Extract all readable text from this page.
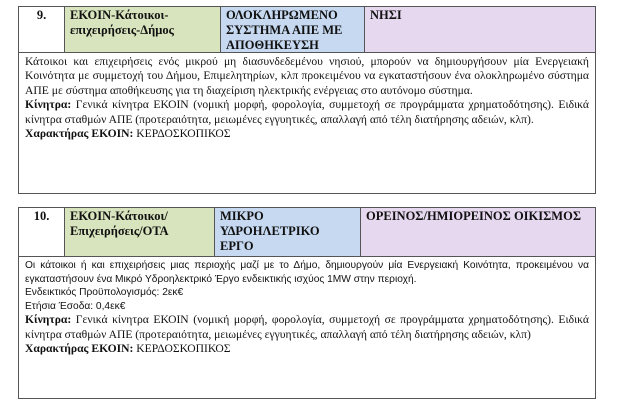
9.	ΕΚΟΙΝ-Κάτοικοι-επιχειρήσεις-Δήμος
ΟΛΟΚΛΗΡΩΜΕΝΟ ΣΥΣΤΗΜΑ ΑΠΕ ΜΕ ΑΠΟΘΗΚΕΥΣΗ
ΝΗΣΙ

Κάτοικοι και επιχειρήσεις ενός μικρού μη διασυνδεδεμένου νησιού, μπορούν να δημιουργήσουν μία Ενεργειακή Κοινότητα με συμμετοχή του Δήμου, Επιμελητηρίων, κλπ προκειμένου να εγκαταστήσουν ένα ολοκληρωμένο σύστημα ΑΠΕ με σύστημα αποθήκευσης για τη διαχείριση ηλεκτρικής ενέργειας στο αυτόνομο σύστημα.

Κίνητρα: Γενικά κίνητρα ΕΚΟΙΝ (νομική μορφή, φορολογία, συμμετοχή σε προγράμματα χρηματοδότησης). Ειδικά κίνητρα σταθμών ΑΠΕ (προτεραιότητα, μειωμένες εγγυητικές, απαλλαγή από τέλη διατήρησης αδειών, κλπ).

Χαρακτήρας ΕΚΟΙΝ: ΚΕΡΔΟΣΚΟΠΙΚΟΣ

10.	ΕΚΟΙΝ-Κάτοικοι/Επιχειρήσεις/ΟΤΑ
ΜΙΚΡΟ ΥΔΡΟΗΛΕΤΡΙΚΟ ΕΡΓΟ
ΟΡΕΙΝΟΣ/ΗΜΙΟΡΕΙΝΟΣ ΟΙΚΙΣΜΟΣ

Οι κάτοικοι ή και επιχειρήσεις μιας περιοχής μαζί με το Δήμο, δημιουργούν μία Ενεργειακή Κοινότητα, προκειμένου να εγκαταστήσουν ένα Μικρό Υδροηλεκτρικό Έργο ενδεικτικής ισχύος 1MW στην περιοχή.

Ενδεικτικός Προϋπολογισμός: 2εκ€

Ετήσια Έσοδα: 0,4εκ€

Κίνητρα: Γενικά κίνητρα ΕΚΟΙΝ (νομική μορφή, φορολογία, συμμετοχή σε προγράμματα χρηματοδότησης). Ειδικά κίνητρα σταθμών ΑΠΕ (προτεραιότητα, μειωμένες εγγυητικές, απαλλαγή από τέλη διατήρησης αδειών, κλπ)

Χαρακτήρας ΕΚΟΙΝ: ΚΕΡΔΟΣΚΟΠΙΚΟΣ
